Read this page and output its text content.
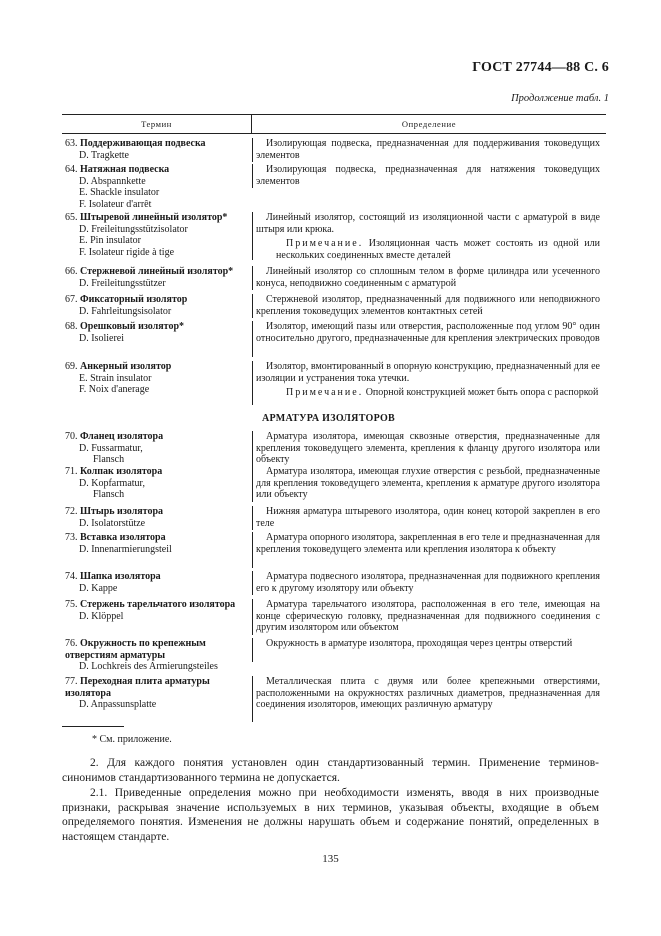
ГОСТ 27744—88 С. 6
Продолжение табл. 1
Термин	Определение
63. Поддерживающая подвеска
D. Tragkette

Изолирующая подвеска, предназначенная для поддерживания токоведущих элементов

64. Натяжная подвеска
D. Abspannkette
E. Shackle insulator
F. Isolateur d'arrêt

Изолирующая подвеска, предназначенная для натяжения токоведущих элементов

65. Штыревой линейный изолятор*
D. Freileitungsstützisolator
E. Pin insulator
F. Isolateur rigide à tige

Линейный изолятор, состоящий из изоляционной части с арматурой в виде штыря или крюка.

Примечание. Изоляционная часть может состоять из одной или нескольких соединенных вместе деталей

66. Стержневой линейный изолятор*
D. Freileitungsstützer

Линейный изолятор со сплошным телом в форме цилиндра или усеченного конуса, неподвижно соединенным с арматурой

67. Фиксаторный изолятор
D. Fahrleitungsisolator

Стержневой изолятор, предназначенный для подвижного или неподвижного крепления токоведущих элементов контактных сетей

68. Орешковый изолятор*
D. Isolierei

Изолятор, имеющий пазы или отверстия, расположенные под углом 90° один относительно другого, предназначенные для крепления электрических проводов

69. Анкерный изолятор
E. Strain insulator
F. Noix d'anerage

Изолятор, вмонтированный в опорную конструкцию, предназначенный для ее изоляции и устранения тока утечки.

Примечание. Опорной конструкцией может быть опора с распоркой

АРМАТУРА ИЗОЛЯТОРОВ
70. Фланец изолятора
D. Fussarmatur,
Flansch

Арматура изолятора, имеющая сквозные отверстия, предназначенные для крепления токоведущего элемента, крепления к фланцу другого изолятора или объекту

71. Колпак изолятора
D. Kopfarmatur,
Flansch

Арматура изолятора, имеющая глухие отверстия с резьбой, предназначенные для крепления токоведущего элемента, крепления к арматуре другого изолятора или объекту

72. Штырь изолятора
D. Isolatorstütze

Нижняя арматура штыревого изолятора, один конец которой закреплен в его теле

73. Вставка изолятора
D. Innenarmierungsteil

Арматура опорного изолятора, закрепленная в его теле и предназначенная для крепления токоведущего элемента или крепления изолятора к объекту

74. Шапка изолятора
D. Kappe

Арматура подвесного изолятора, предназначенная для подвижного крепления его к другому изолятору или объекту

75. Стержень тарельчатого изолятора
D. Klöppel

Арматура тарельчатого изолятора, расположенная в его теле, имеющая на конце сферическую головку, предназначенная для подвижного соединения с другим изолятором или объектом

76. Окружность по крепежным отверстиям арматуры
D. Lochkreis des Armierungsteiles

Окружность в арматуре изолятора, проходящая через центры отверстий

77. Переходная плита арматуры изолятора
D. Anpassunsplatte

Металлическая плита с двумя или более крепежными отверстиями, расположенными на окружностях различных диаметров, предназначенная для соединения изоляторов, имеющих различную арматуру

* См. приложение.

2. Для каждого понятия установлен один стандартизованный термин. Применение терминов-синонимов стандартизованного термина не допускается.

2.1. Приведенные определения можно при необходимости изменять, вводя в них производные признаки, раскрывая значение используемых в них терминов, указывая объекты, входящие в объем определяемого понятия. Изменения не должны нарушать объем и содержание понятий, определенных в настоящем стандарте.

135
